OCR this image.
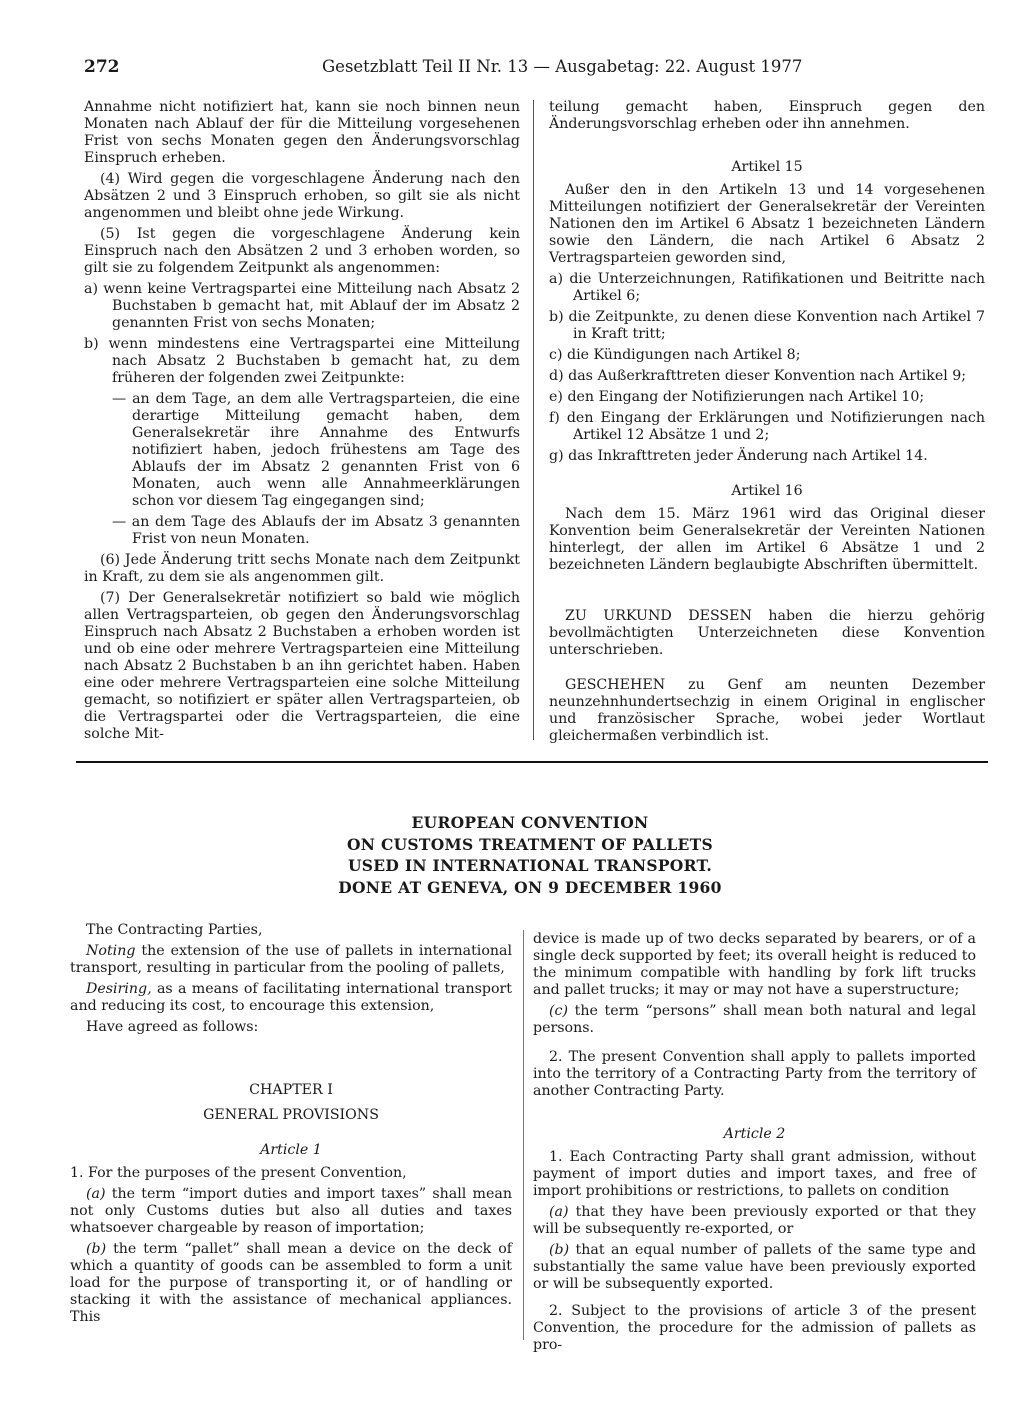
272	Gesetzblatt Teil II Nr. 13 — Ausgabetag: 22. August 1977

Annahme nicht notifiziert hat, kann sie noch binnen neun Monaten nach Ablauf der für die Mitteilung vorgesehenen Frist von sechs Monaten gegen den Änderungsvorschlag Einspruch erheben.

(4) Wird gegen die vorgeschlagene Änderung nach den Absätzen 2 und 3 Einspruch erhoben, so gilt sie als nicht angenommen und bleibt ohne jede Wirkung.

(5) Ist gegen die vorgeschlagene Änderung kein Einspruch nach den Absätzen 2 und 3 erhoben worden, so gilt sie zu folgendem Zeitpunkt als angenommen:

a) wenn keine Vertragspartei eine Mitteilung nach Absatz 2 Buchstaben b gemacht hat, mit Ablauf der im Absatz 2 genannten Frist von sechs Monaten;

b) wenn mindestens eine Vertragspartei eine Mitteilung nach Absatz 2 Buchstaben b gemacht hat, zu dem früheren der folgenden zwei Zeitpunkte:

— an dem Tage, an dem alle Vertragsparteien, die eine derartige Mitteilung gemacht haben, dem Generalsekretär ihre Annahme des Entwurfs notifiziert haben, jedoch frühestens am Tage des Ablaufs der im Absatz 2 genannten Frist von 6 Monaten, auch wenn alle Annahmeerklärungen schon vor diesem Tag eingegangen sind;

— an dem Tage des Ablaufs der im Absatz 3 genannten Frist von neun Monaten.

(6) Jede Änderung tritt sechs Monate nach dem Zeitpunkt in Kraft, zu dem sie als angenommen gilt.

(7) Der Generalsekretär notifiziert so bald wie möglich allen Vertragsparteien, ob gegen den Änderungsvorschlag Einspruch nach Absatz 2 Buchstaben a erhoben worden ist und ob eine oder mehrere Vertragsparteien eine Mitteilung nach Absatz 2 Buchstaben b an ihn gerichtet haben. Haben eine oder mehrere Vertragsparteien eine solche Mitteilung gemacht, so notifiziert er später allen Vertragsparteien, ob die Vertragspartei oder die Vertragsparteien, die eine solche Mit-

teilung gemacht haben, Einspruch gegen den Änderungsvorschlag erheben oder ihn annehmen.

Artikel 15

Außer den in den Artikeln 13 und 14 vorgesehenen Mitteilungen notifiziert der Generalsekretär der Vereinten Nationen den im Artikel 6 Absatz 1 bezeichneten Ländern sowie den Ländern, die nach Artikel 6 Absatz 2 Vertragsparteien geworden sind,

a) die Unterzeichnungen, Ratifikationen und Beitritte nach Artikel 6;

b) die Zeitpunkte, zu denen diese Konvention nach Artikel 7 in Kraft tritt;

c) die Kündigungen nach Artikel 8;

d) das Außerkrafttreten dieser Konvention nach Artikel 9;

e) den Eingang der Notifizierungen nach Artikel 10;

f) den Eingang der Erklärungen und Notifizierungen nach Artikel 12 Absätze 1 und 2;

g) das Inkrafttreten jeder Änderung nach Artikel 14.

Artikel 16

Nach dem 15. März 1961 wird das Original dieser Konvention beim Generalsekretär der Vereinten Nationen hinterlegt, der allen im Artikel 6 Absätze 1 und 2 bezeichneten Ländern beglaubigte Abschriften übermittelt.

ZU URKUND DESSEN haben die hierzu gehörig bevollmächtigten Unterzeichneten diese Konvention unterschrieben.

GESCHEHEN zu Genf am neunten Dezember neunzehnhundertsechzig in einem Original in englischer und französischer Sprache, wobei jeder Wortlaut gleichermaßen verbindlich ist.

EUROPEAN CONVENTION
ON CUSTOMS TREATMENT OF PALLETS
USED IN INTERNATIONAL TRANSPORT.
DONE AT GENEVA, ON 9 DECEMBER 1960

The Contracting Parties,

Noting the extension of the use of pallets in international transport, resulting in particular from the pooling of pallets,

Desiring, as a means of facilitating international transport and reducing its cost, to encourage this extension,

Have agreed as follows:

CHAPTER I

GENERAL PROVISIONS

Article 1

1. For the purposes of the present Convention,

(a) the term “import duties and import taxes” shall mean not only Customs duties but also all duties and taxes whatsoever chargeable by reason of importation;

(b) the term “pallet” shall mean a device on the deck of which a quantity of goods can be assembled to form a unit load for the purpose of transporting it, or of handling or stacking it with the assistance of mechanical appliances. This

device is made up of two decks separated by bearers, or of a single deck supported by feet; its overall height is reduced to the minimum compatible with handling by fork lift trucks and pallet trucks; it may or may not have a superstructure;

(c) the term “persons” shall mean both natural and legal persons.

2. The present Convention shall apply to pallets imported into the territory of a Contracting Party from the territory of another Contracting Party.

Article 2

1. Each Contracting Party shall grant admission, without payment of import duties and import taxes, and free of import prohibitions or restrictions, to pallets on condition

(a) that they have been previously exported or that they will be subsequently re-exported, or

(b) that an equal number of pallets of the same type and substantially the same value have been previously exported or will be subsequently exported.

2. Subject to the provisions of article 3 of the present Convention, the procedure for the admission of pallets as pro-
